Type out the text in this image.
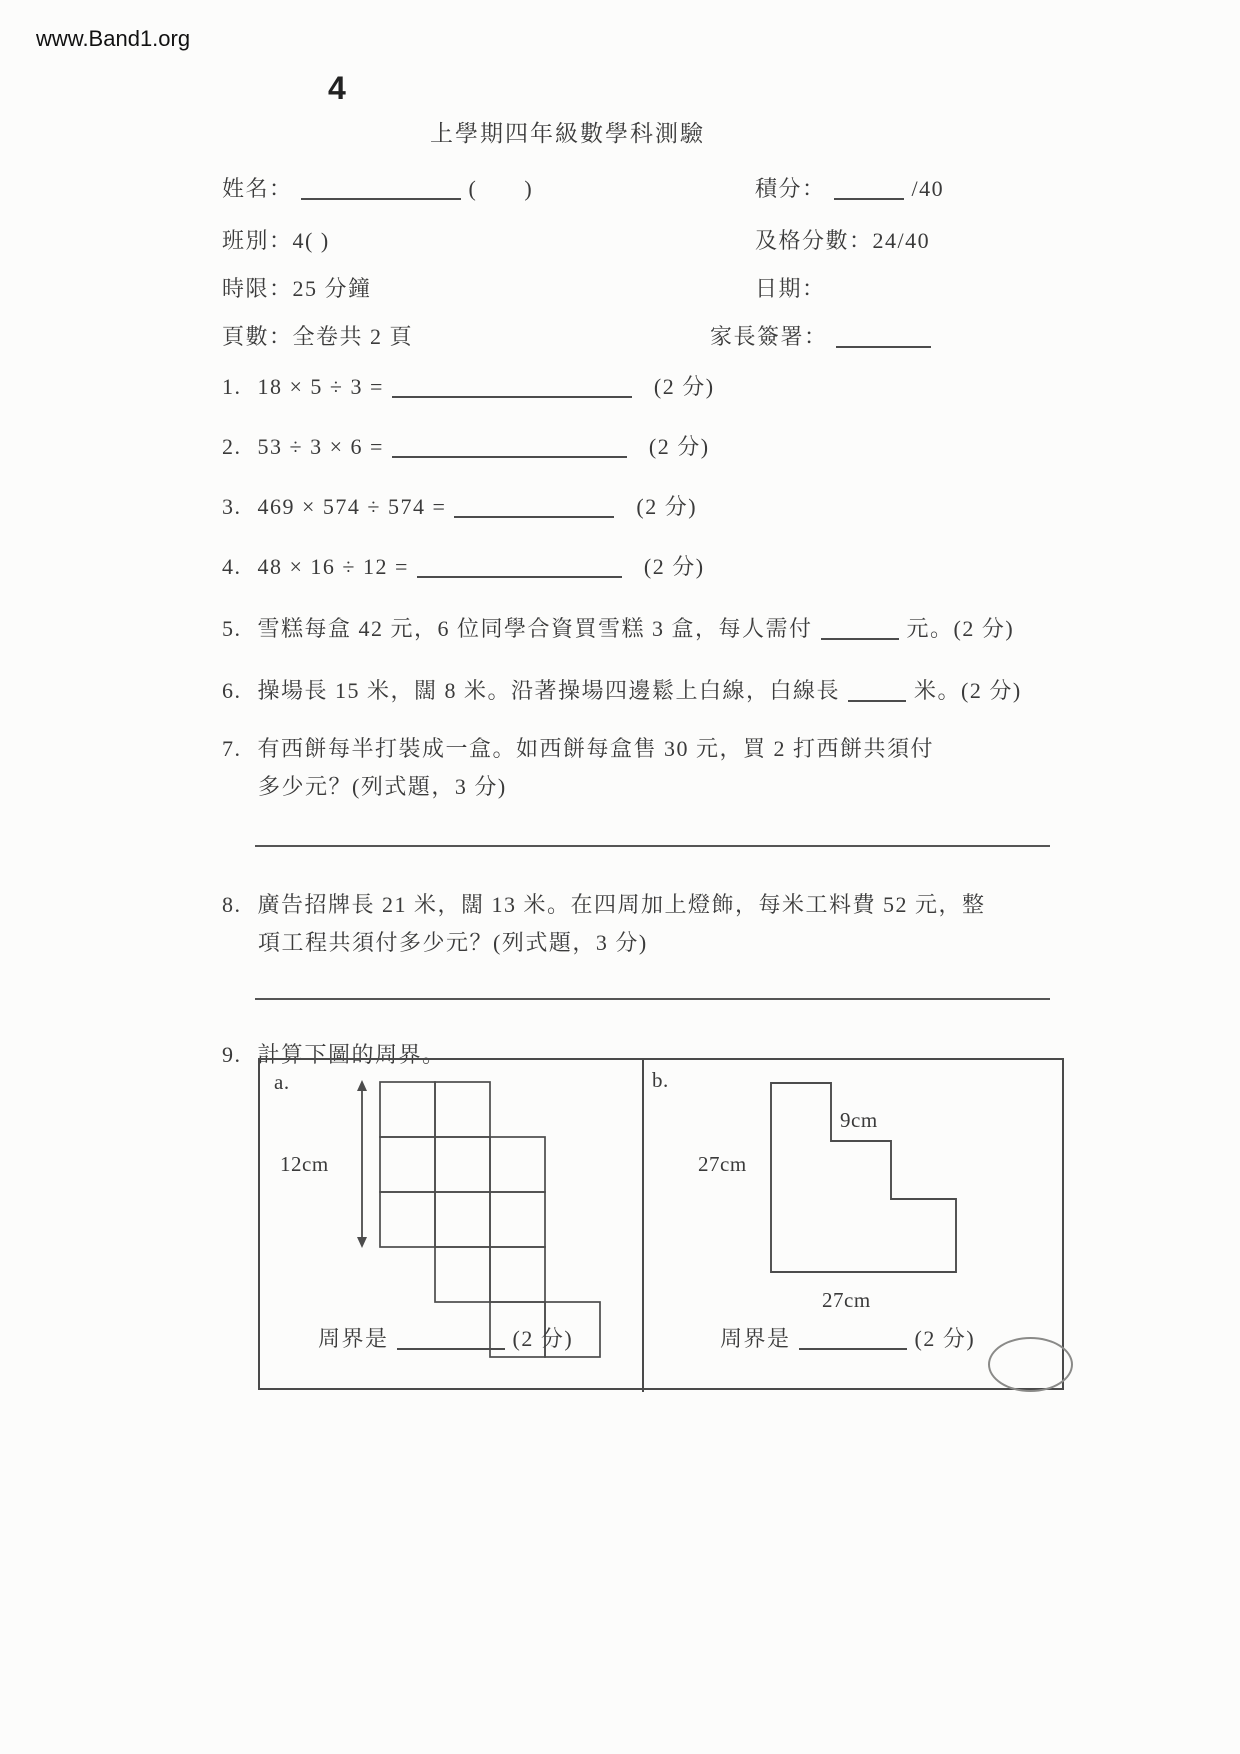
www.Band1.org
4
上學期四年級數學科測驗
姓名：	(　　)	積分：	/40
班別：4( )	及格分數：24/40
時限：25 分鐘	日期：
頁數：全卷共 2 頁	家長簽署：
1. 18 × 5 ÷ 3 =	(2 分)
2. 53 ÷ 3 × 6 =	(2 分)
3. 469 × 574 ÷ 574 =	(2 分)
4. 48 × 16 ÷ 12 =	(2 分)
5. 雪糕每盒 42 元，6 位同學合資買雪糕 3 盒，每人需付	元。(2 分)
6. 操場長 15 米，闊 8 米。沿著操場四邊鬆上白線，白線長	米。(2 分)
7. 有西餅每半打裝成一盒。如西餅每盒售 30 元，買 2 打西餅共須付
多少元？(列式題，3 分)
8. 廣告招牌長 21 米，闊 13 米。在四周加上燈飾，每米工料費 52 元，整
項工程共須付多少元？(列式題，3 分)
9. 計算下圖的周界。
a.
12cm
周界是	(2 分)
b.
9cm
27cm
27cm
周界是	(2 分)
